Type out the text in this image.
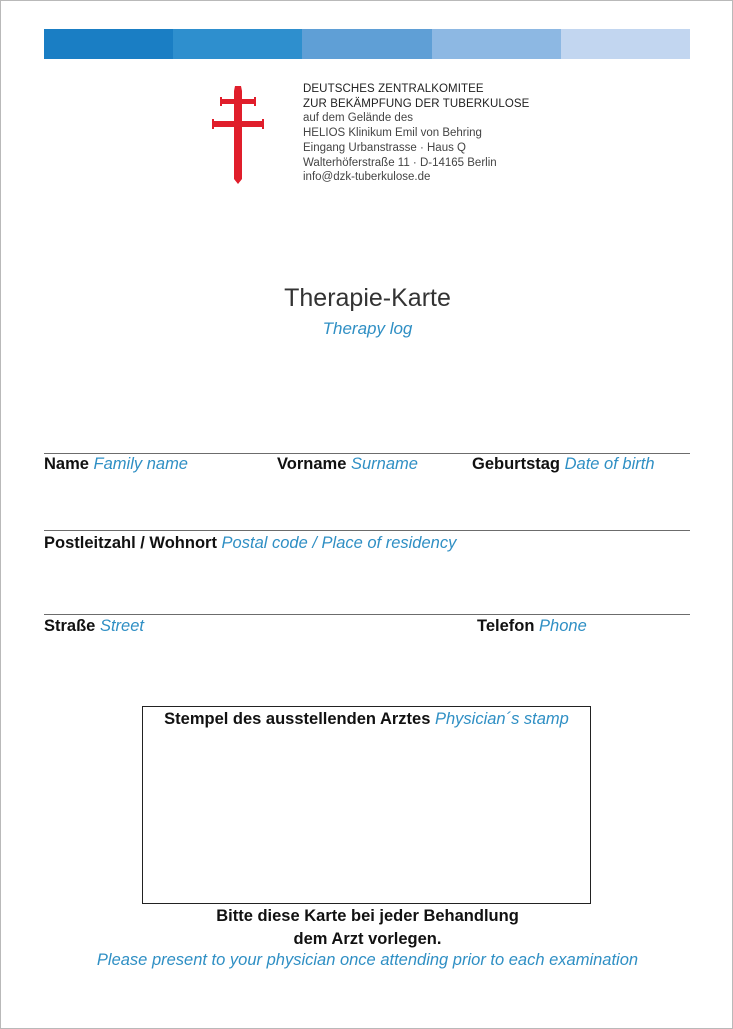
DEUTSCHES ZENTRALKOMITEE
ZUR BEKÄMPFUNG DER TUBERKULOSE
auf dem Gelände des
HELIOS Klinikum Emil von Behring
Eingang Urbanstrasse · Haus Q
Walterhöferstraße 11 · D-14165 Berlin
info@dzk-tuberkulose.de
Therapie-Karte
Therapy log
Name Family name	Vorname Surname	Geburtstag Date of birth
Postleitzahl / Wohnort Postal code / Place of residency
Straße Street	Telefon Phone
Stempel des ausstellenden Arztes Physician´s stamp
Bitte diese Karte bei jeder Behandlung
dem Arzt vorlegen.
Please present to your physician once attending prior to each examination
